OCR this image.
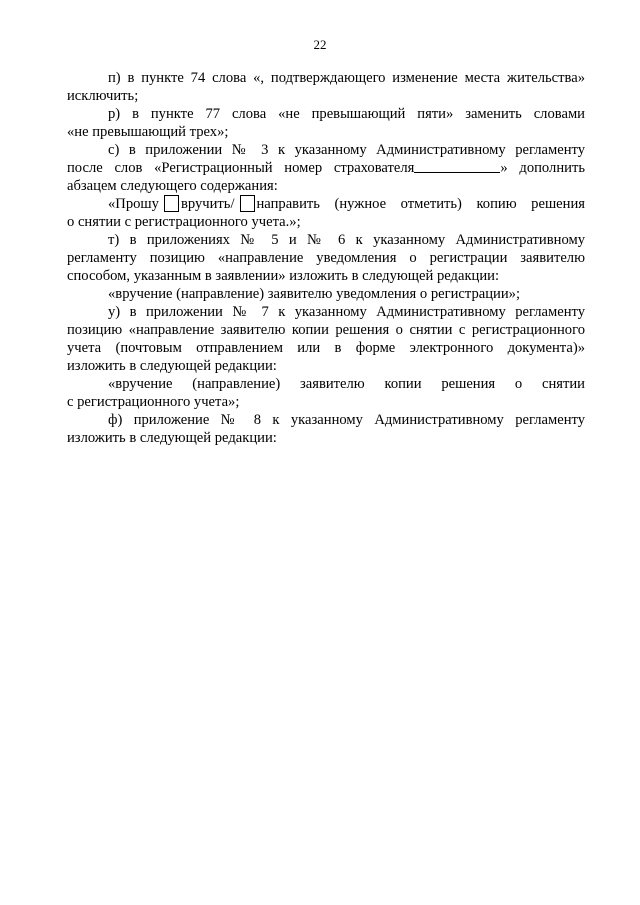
22
п) в пункте 74 слова «, подтверждающего изменение места жительства»
исключить;
р) в пункте 77 слова «не превышающий пяти» заменить словами
«не превышающий трех»;
с) в приложении № 3 к указанному Административному регламенту
после слов «Регистрационный номер страхователя	» дополнить
абзацем следующего содержания:
«Прошу вручить/ направить (нужное отметить) копию решения
о снятии с регистрационного учета.»;
т) в приложениях № 5 и № 6 к указанному Административному
регламенту позицию «направление уведомления о регистрации заявителю
способом, указанным в заявлении» изложить в следующей редакции:
«вручение (направление) заявителю уведомления о регистрации»;
у) в приложении № 7 к указанному Административному регламенту
позицию «направление заявителю копии решения о снятии с регистрационного
учета (почтовым отправлением или в форме электронного документа)»
изложить в следующей редакции:
«вручение (направление) заявителю копии решения о снятии
с регистрационного учета»;
ф) приложение № 8 к указанному Административному регламенту
изложить в следующей редакции:
